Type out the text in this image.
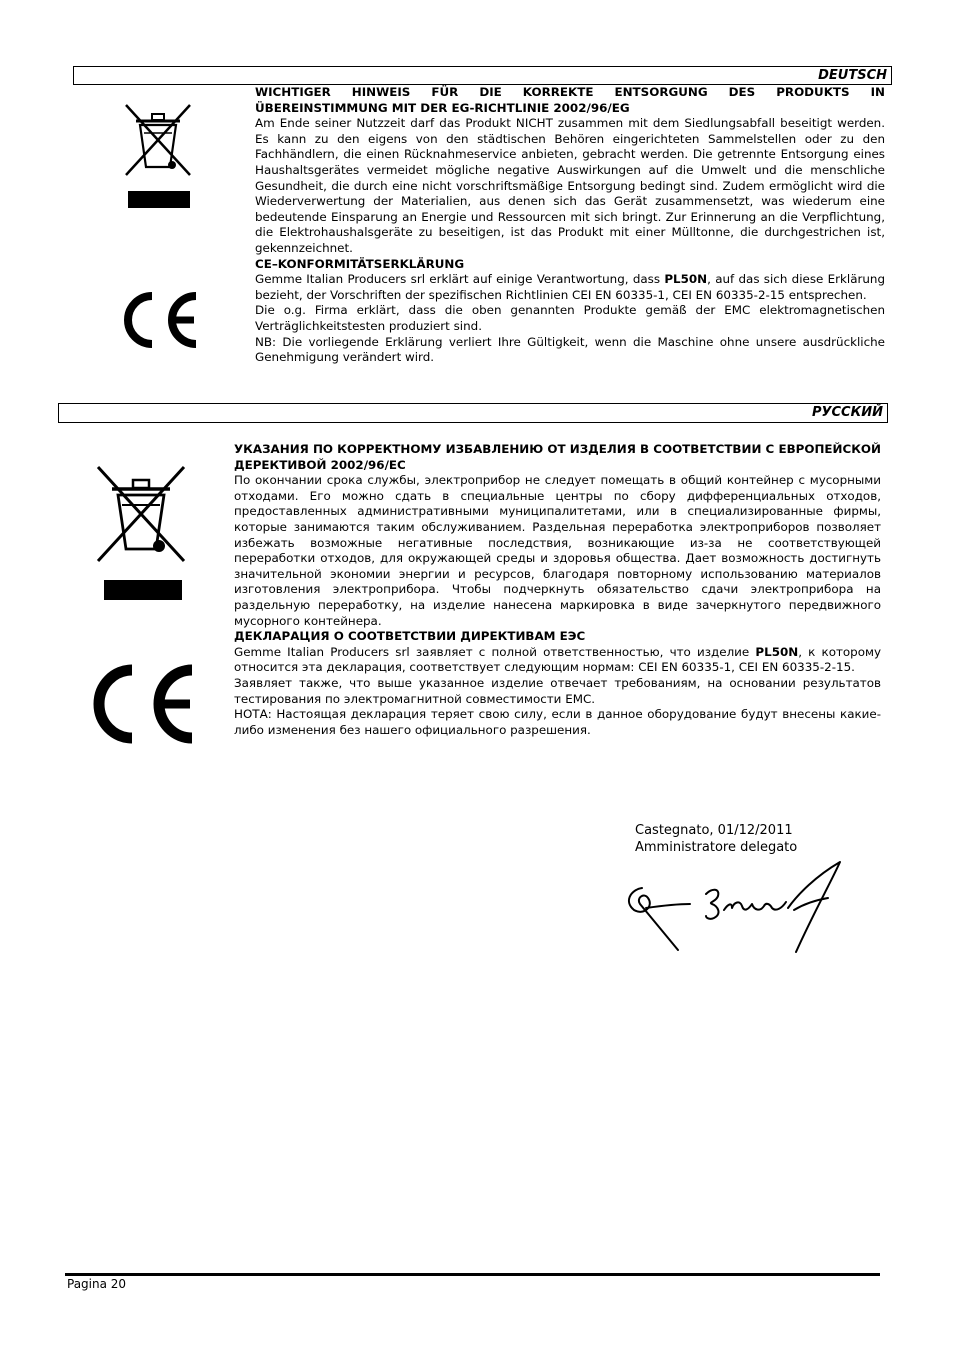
DEUTSCH

WICHTIGER HINWEIS FÜR DIE KORREKTE ENTSORGUNG DES PRODUKTS IN ÜBEREINSTIMMUNG MIT DER EG-RICHTLINIE 2002/96/EG

Am Ende seiner Nutzzeit darf das Produkt NICHT zusammen mit dem Siedlungsabfall beseitigt werden. Es kann zu den eigens von den städtischen Behören eingerichteten Sammelstellen oder zu den Fachhändlern, die einen Rücknahmeservice anbieten, gebracht werden. Die getrennte Entsorgung eines Haushaltsgerätes vermeidet mögliche negative Auswirkungen auf die Umwelt und die menschliche Gesundheit, die durch eine nicht vorschriftsmäßige Entsorgung bedingt sind. Zudem ermöglicht wird die Wiederverwertung der Materialien, aus denen sich das Gerät zusammensetzt, was wiederum eine bedeutende Einsparung an Energie und Ressourcen mit sich bringt. Zur Erinnerung an die Verpflichtung, die Elektrohaushalsgeräte zu beseitigen, ist das Produkt mit einer Mülltonne, die durchgestrichen ist, gekennzeichnet.

CE–KONFORMITÄTSERKLÄRUNG

Gemme Italian Producers srl erklärt auf einige Verantwortung, dass PL50N, auf das sich diese Erklärung bezieht, der Vorschriften der spezifischen Richtlinien CEI EN 60335-1, CEI EN 60335-2-15 entsprechen.

Die o.g. Firma erklärt, dass die oben genannten Produkte gemäß der EMC elektromagnetischen Verträglichkeitstesten produziert sind.

NB: Die vorliegende Erklärung verliert Ihre Gültigkeit, wenn die Maschine ohne unsere ausdrückliche Genehmigung verändert wird.

РУССКИЙ

УКАЗАНИЯ ПО КОРРЕКТНОМУ ИЗБАВЛЕНИЮ ОТ ИЗДЕЛИЯ В СООТВЕТСТВИИ С ЕВРОПЕЙСКОЙ ДЕРЕКТИВОЙ 2002/96/ЕС

По окончании срока службы, электроприбор не следует помещать в общий контейнер с мусорными отходами. Его можно сдать в специальные центры по сбору дифференциальных отходов, предоставленных административными муниципалитетами, или в специализированные фирмы, которые занимаются таким обслуживанием. Раздельная переработка электроприборов позволяет избежать возможные негативные последствия, возникающие из-за не соответствующей переработки отходов, для окружающей среды и здоровья общества. Дает возможность достигнуть значительной экономии энергии и ресурсов, благодаря повторному использованию материалов изготовления электроприбора. Чтобы подчеркнуть обязательство сдачи электроприбора на раздельную переработку, на изделие нанесена маркировка в виде зачеркнутого передвижного мусорного контейнера.

ДЕКЛАРАЦИЯ О СООТВЕТСТВИИ ДИРЕКТИВАМ ЕЭС

Gemme Italian Producers srl заявляет с полной ответственностью, что изделие PL50N, к которому относится эта декларация, соответствует следующим нормам: CEI EN 60335-1, CEI EN 60335-2-15.

Заявляет также, что выше указанное изделие отвечает требованиям, на основании результатов тестирования по электромагнитной совместимости EMC.

НОТА: Настоящая декларация теряет свою силу, если в данное оборудование будут внесены какие-либо изменения без нашего официального разрешения.

Castegnato, 01/12/2011
Amministratore delegato
Pagina 20
